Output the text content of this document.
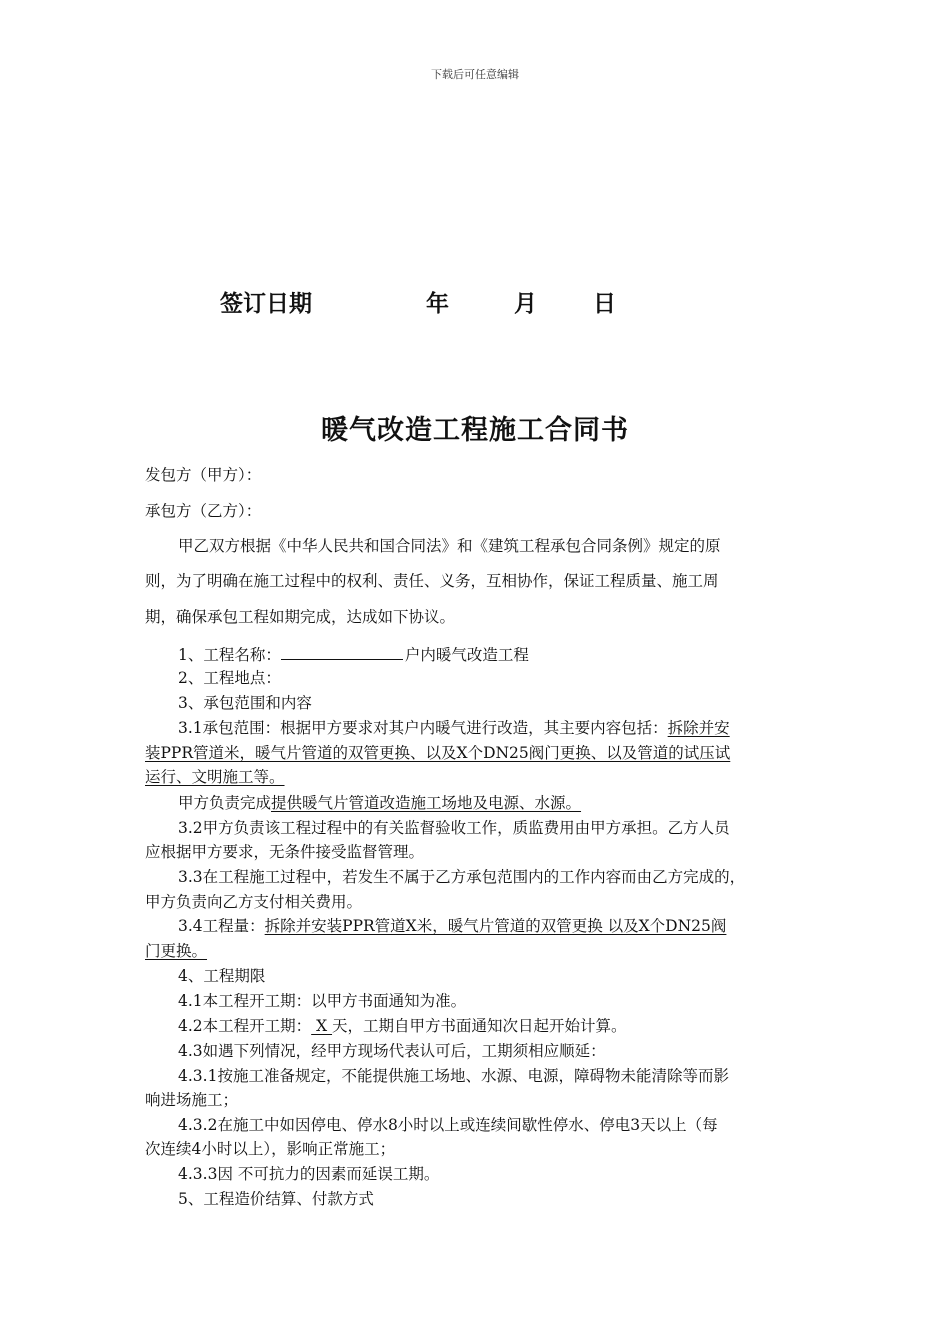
下载后可任意编辑
签订日期	年	月 日
暖气改造工程施工合同书
发包方（甲方）：
承包方（乙方）：
甲乙双方根据《中华人民共和国合同法》和《建筑工程承包合同条例》规定的原
则，为了明确在施工过程中的权利、责任、义务，互相协作，保证工程质量、施工周
期，确保承包工程如期完成，达成如下协议。
1、工程名称：	户内暖气改造工程
2、工程地点：
3、承包范围和内容
3.1承包范围：根据甲方要求对其户内暖气进行改造，其主要内容包括：拆除并安
装PPR管道米，暖气片管道的双管更换、以及X个DN25阀门更换、以及管道的试压试
运行、文明施工等。
甲方负责完成提供暖气片管道改造施工场地及电源、水源。
3.2甲方负责该工程过程中的有关监督验收工作，质监费用由甲方承担。乙方人员
应根据甲方要求，无条件接受监督管理。
3.3在工程施工过程中，若发生不属于乙方承包范围内的工作内容而由乙方完成的，
甲方负责向乙方支付相关费用。
3.4工程量：拆除并安装PPR管道X米，暖气片管道的双管更换 以及X个DN25阀
门更换。
4、工程期限
4.1本工程开工期：以甲方书面通知为准。
4.2本工程开工期： X 天，工期自甲方书面通知次日起开始计算。
4.3如遇下列情况，经甲方现场代表认可后，工期须相应顺延：
4.3.1按施工准备规定，不能提供施工场地、水源、电源，障碍物未能清除等而影
响进场施工；
4.3.2在施工中如因停电、停水8小时以上或连续间歇性停水、停电3天以上（每
次连续4小时以上），影响正常施工；
4.3.3因 不可抗力的因素而延误工期。
5、工程造价结算、付款方式
